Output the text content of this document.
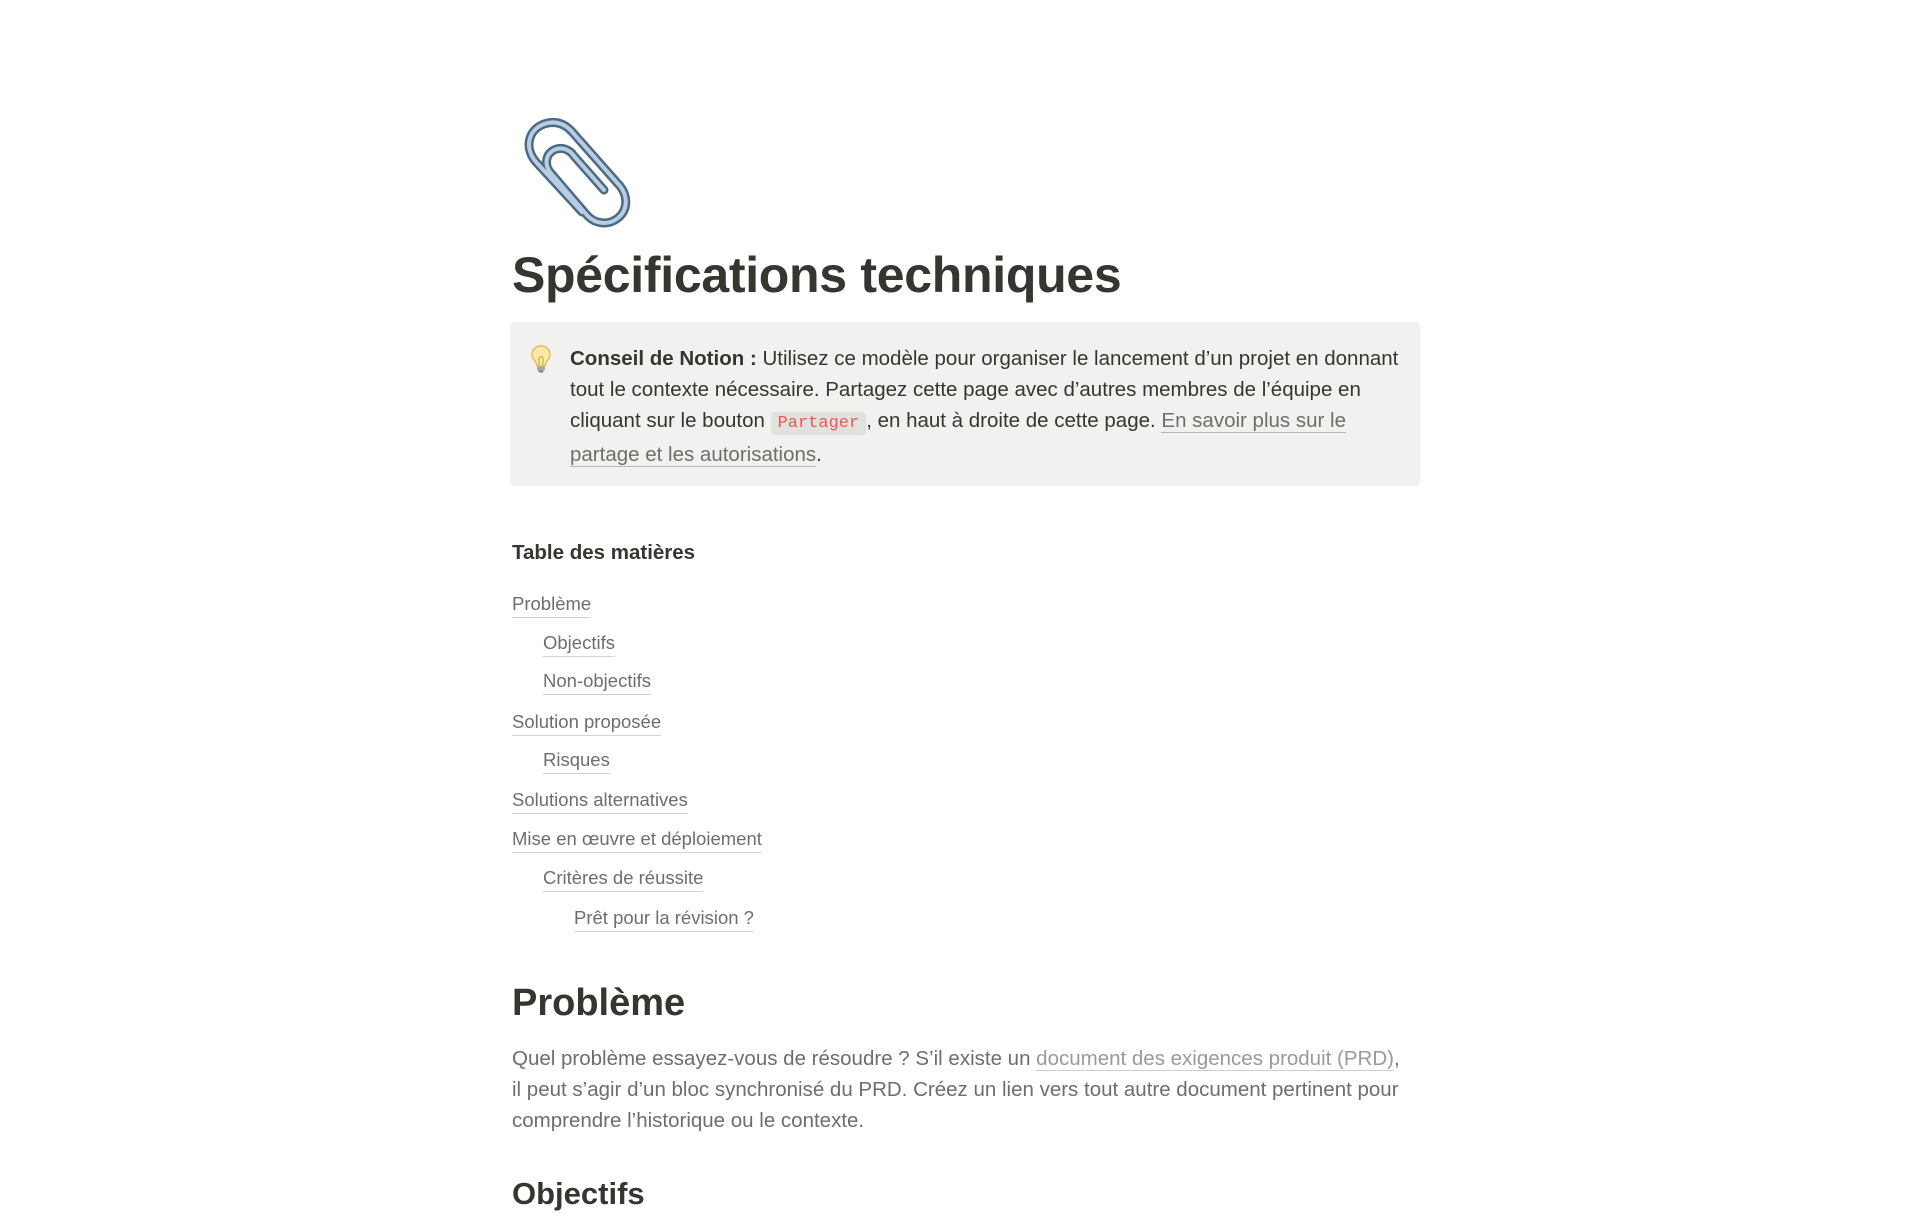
Spécifications techniques
Conseil de Notion : Utilisez ce modèle pour organiser le lancement d’un projet en donnant tout le contexte nécessaire. Partagez cette page avec d’autres membres de l’équipe en cliquant sur le bouton Partager , en haut à droite de cette page. En savoir plus sur le partage et les autorisations.
Table des matières
Problème
Objectifs
Non-objectifs
Solution proposée
Risques
Solutions alternatives
Mise en œuvre et déploiement
Critères de réussite
Prêt pour la révision ?
Problème

Quel problème essayez-vous de résoudre ? S’il existe un document des exigences produit (PRD), il peut s’agir d’un bloc synchronisé du PRD. Créez un lien vers tout autre document pertinent pour comprendre l’historique ou le contexte.

Objectifs
